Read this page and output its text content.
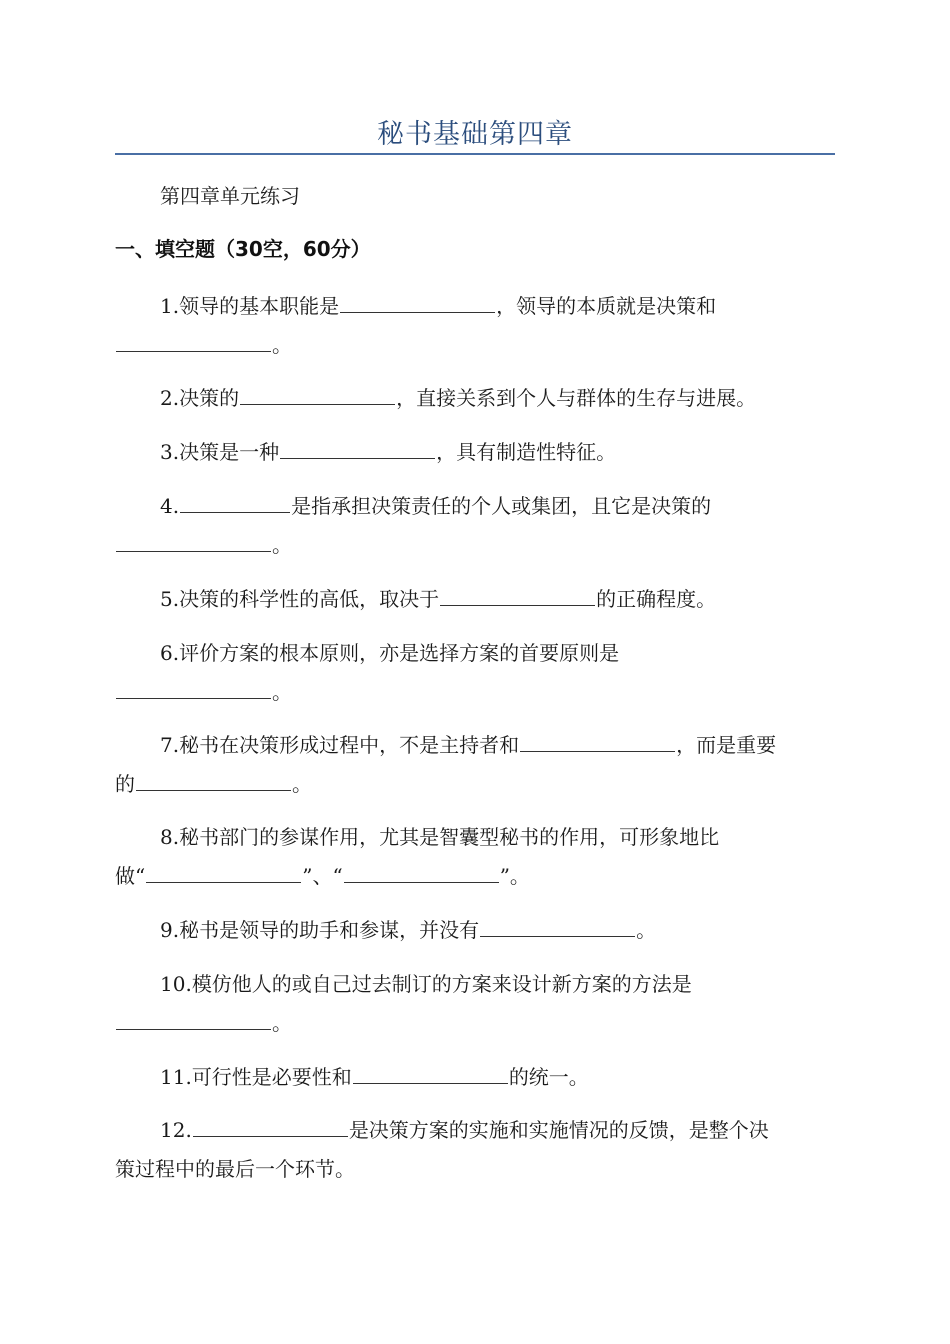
秘书基础第四章
第四章单元练习
一、填空题（30空，60分）

1.领导的基本职能是	，领导的本质就是决策和

。

2.决策的	，直接关系到个人与群体的生存与进展。

3.决策是一种	，具有制造性特征。

4.	是指承担决策责任的个人或集团，且它是决策的

。

5.决策的科学性的高低，取决于	的正确程度。

6.评价方案的根本原则，亦是选择方案的首要原则是

。

7.秘书在决策形成过程中，不是主持者和	，而是重要

的	。

8.秘书部门的参谋作用，尤其是智囊型秘书的作用，可形象地比

做“	”、“	”。

9.秘书是领导的助手和参谋，并没有	。

10.模仿他人的或自己过去制订的方案来设计新方案的方法是

。

11.可行性是必要性和	的统一。

12.	是决策方案的实施和实施情况的反馈，是整个决

策过程中的最后一个环节。
